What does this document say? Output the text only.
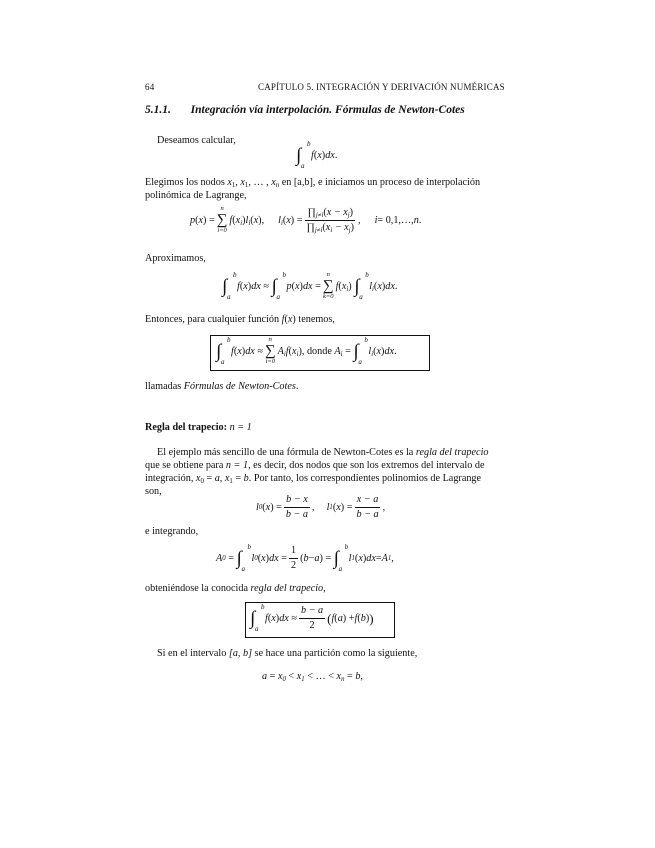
64	CAPÍTULO 5. INTEGRACIÓN Y DERIVACIÓN NUMÉRICAS
5.1.1. Integración vía interpolación. Fórmulas de Newton-Cotes
Deseamos calcular,
∫
b
a
f ( x ) dx .
Elegimos los nodos $x_1$, $x_1$, … , $x_n$ en [a,b], e iniciamos un proceso de interpolación
polinómica de Lagrange,
p ( x ) =
n
∑
i=0
f ( $x_i$ ) $l_i$ ( x ), $l_i$ ( x ) = $\frac{\prod_{j\ne i}(x - x_j)}{\prod_{j\ne i}(x_i - x_j)}$ , i = 0,1,…, n .
Aproximamos,
∫
b
a
f ( x ) dx ≈ ∫
b
a
p ( x ) dx =
n
∑
k=0
f ( $x_i$ ) ∫
b
a
$l_i$ ( x ) dx .
Entonces, para cualquier función f(x) tenemos,
∫
b
a
f ( x ) dx ≈
n
∑
i=0
$A_i$ f ( $x_i$ ), donde $A_i$ = ∫
b
a
$l_i$ ( x ) dx .
llamadas Fórmulas de Newton-Cotes.
Regla del trapecio: n = 1
El ejemplo más sencillo de una fórmula de Newton-Cotes es la regla del trapecio
que se obtiene para n = 1, es decir, dos nodos que son los extremos del intervalo de
integración, $x_0 = a$, $x_1 = b$. Por tanto, los correspondientes polinomios de Lagrange
son,
l 0 ( x ) = $\frac{b - x}{b - a}$ , l 1 ( x ) = $\frac{x - a}{b - a}$ ,
e integrando,
A 0 = ∫
b
a
l 0 ( x ) dx = $\frac{1}{2}$ ( b − a ) = ∫
b
a
l 1 ( x ) dx = A 1 ,
obteniéndose la conocida regla del trapecio,
∫
b
a
f ( x ) dx ≈ $\frac{b - a}{2}$ ( f ( a ) + f ( b ) )
Si en el intervalo [a, b] se hace una partición como la siguiente,
$a = x_0 < x_1$ < … < $x_n = b$,
